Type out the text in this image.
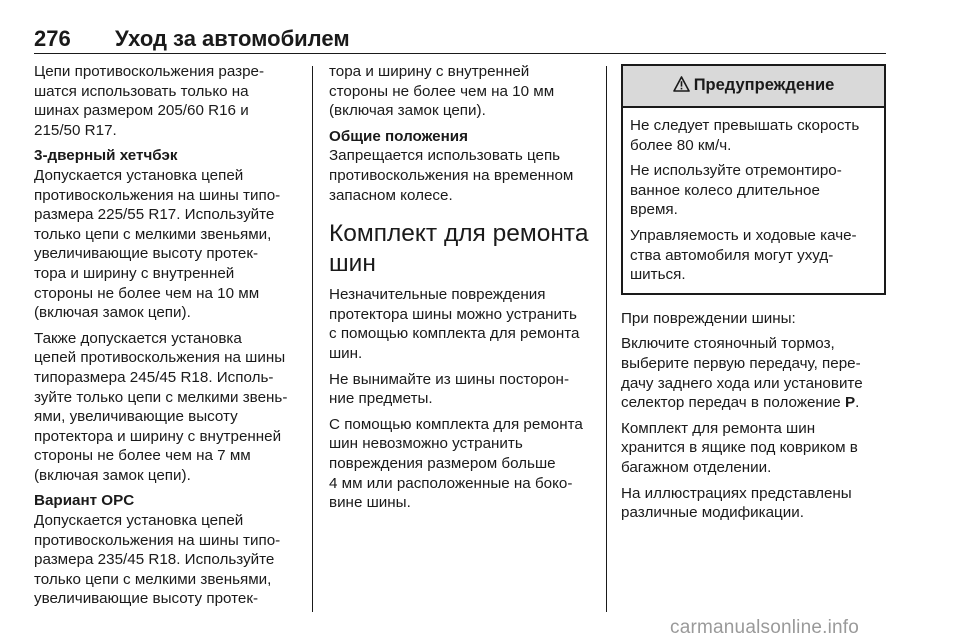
276 Уход за автомобилем

Цепи противоскольжения разре-
шатся использовать только на
шинах размером 205/60 R16 и
215/50 R17.

3-дверный хетчбэк
Допускается установка цепей
противоскольжения на шины типо-
размера 225/55 R17. Используйте
только цепи с мелкими звеньями,
увеличивающие высоту протек-
тора и ширину с внутренней
стороны не более чем на 10 мм
(включая замок цепи).

Также допускается установка
цепей противоскольжения на шины
типоразмера 245/45 R18. Исполь-
зуйте только цепи с мелкими звень-
ями, увеличивающие высоту
протектора и ширину с внутренней
стороны не более чем на 7 мм
(включая замок цепи).

Вариант OPC
Допускается установка цепей
противоскольжения на шины типо-
размера 235/45 R18. Используйте
только цепи с мелкими звеньями,
увеличивающие высоту протек-

тора и ширину с внутренней
стороны не более чем на 10 мм
(включая замок цепи).

Общие положения
Запрещается использовать цепь
противоскольжения на временном
запасном колесе.

Комплект для ремонта
шин

Незначительные повреждения
протектора шины можно устранить
с помощью комплекта для ремонта
шин.

Не вынимайте из шины посторон-
ние предметы.

С помощью комплекта для ремонта
шин невозможно устранить
повреждения размером больше
4 мм или расположенные на боко-
вине шины.

Предупреждение

Не следует превышать скорость
более 80 км/ч.

Не используйте отремонтиро-
ванное колесо длительное
время.

Управляемость и ходовые каче-
ства автомобиля могут ухуд-
шиться.

При повреждении шины:

Включите стояночный тормоз,
выберите первую передачу, пере-
дачу заднего хода или установите
селектор передач в положение P.

Комплект для ремонта шин
хранится в ящике под ковриком в
багажном отделении.

На иллюстрациях представлены
различные модификации.

carmanualsonline.info
